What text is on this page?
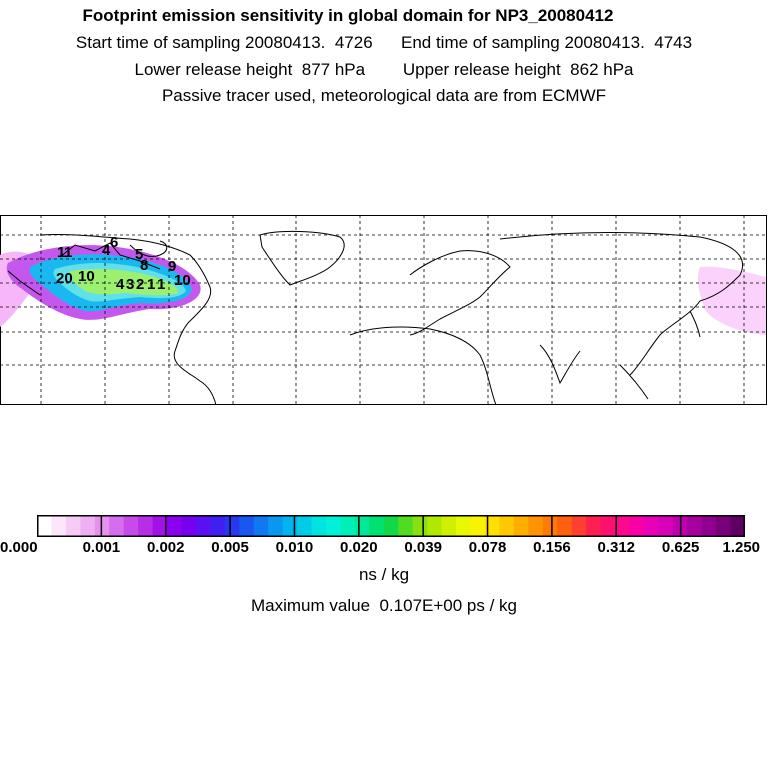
Footprint emission sensitivity in global domain for NP3_20080412
Start time of sampling 20080413.  4726      End time of sampling 20080413.  4743
Lower release height  877 hPa        Upper release height  862 hPa
Passive tracer used, meteorological data are from ECMWF
1
1
6
4 5
8 9
20 10 4 3 2 1 1 10
0.000	0.001 0.002 0.005 0.010 0.020 0.039 0.078 0.156 0.312 0.625 1.250
ns / kg
Maximum value  0.107E+00 ps / kg
